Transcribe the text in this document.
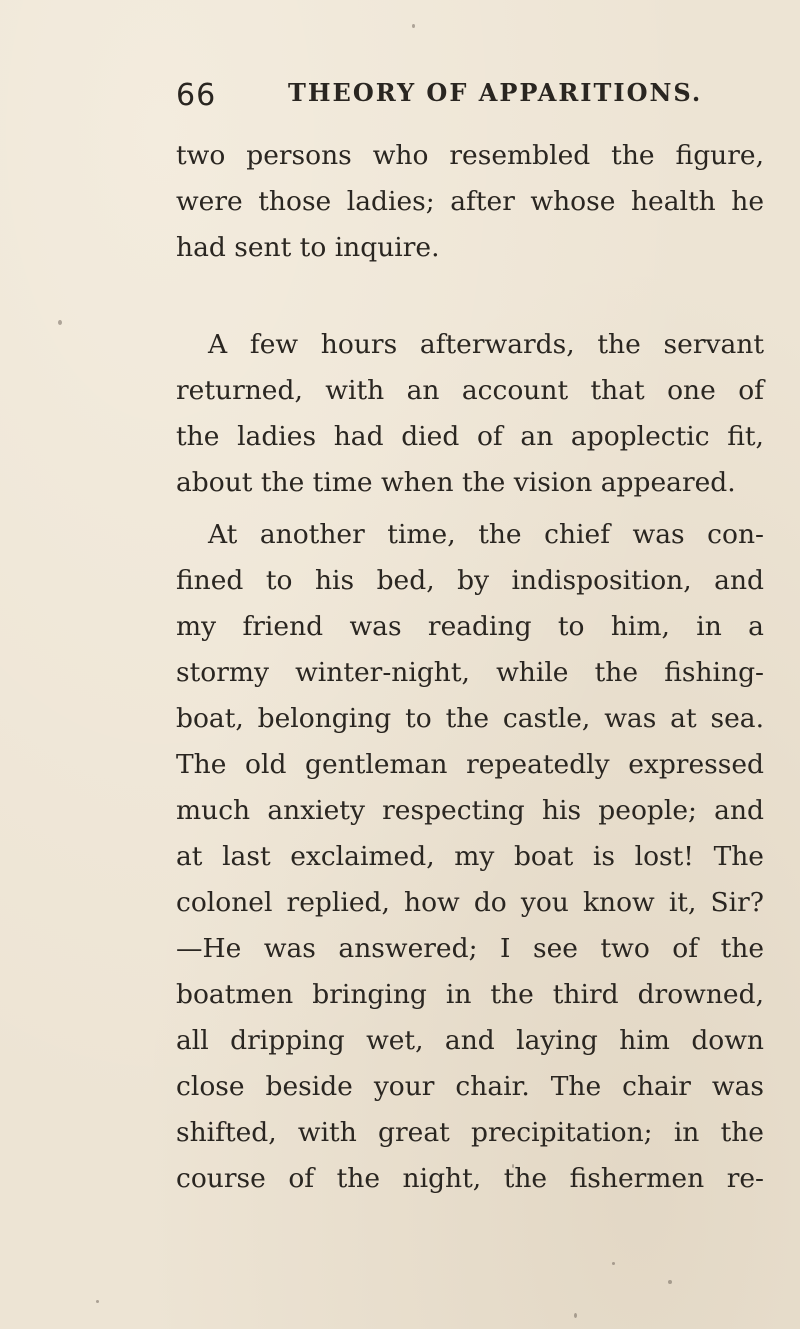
66	THEORY OF APPARITIONS.
two persons who resembled the figure,
were those ladies; after whose health he
had sent to inquire.
A few hours afterwards, the servant
returned, with an account that one of
the ladies had died of an apoplectic fit,
about the time when the vision appeared.
At another time, the chief was con-
fined to his bed, by indisposition, and
my friend was reading to him, in a
stormy winter-night, while the fishing-
boat, belonging to the castle, was at sea.
The old gentleman repeatedly expressed
much anxiety respecting his people; and
at last exclaimed, my boat is lost! The
colonel replied, how do you know it, Sir?
—He was answered; I see two of the
boatmen bringing in the third drowned,
all dripping wet, and laying him down
close beside your chair. The chair was
shifted, with great precipitation; in the
course of the night, the fishermen re-
